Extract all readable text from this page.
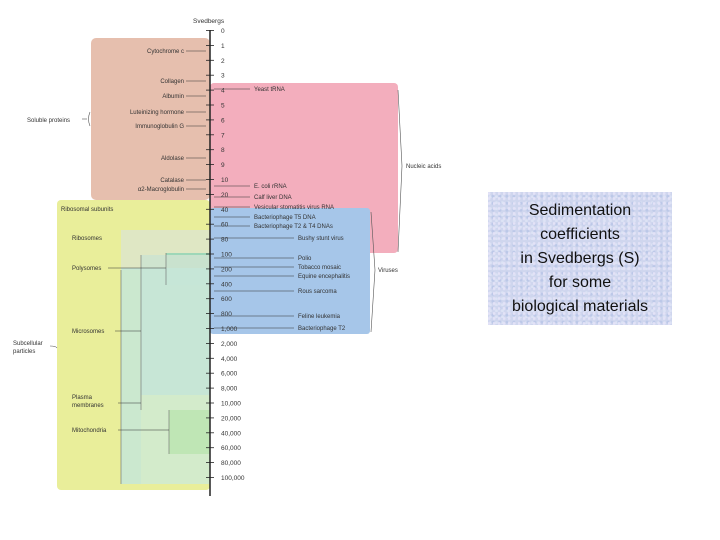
Svedbergs
0
1
2
3
4
5
6
7
8
9
10
20
40
60
80
100
200
400
600
800
1,000
2,000
4,000
6,000
8,000
10,000
20,000
40,000
60,000
80,000
100,000
Cytochrome c
Collagen
Albumin
Luteinizing hormone
Immunoglobulin G
Aldolase
Catalase
α2-Macroglobulin
Yeast tRNA
E. coli rRNA
Calf liver DNA
Vesicular stomatitis virus RNA
Bacteriophage T5 DNA
Bacteriophage T2 & T4 DNAs
Bushy stunt virus
Polio
Tobacco mosaic
Equine encephalitis
Rous sarcoma
Feline leukemia
Bacteriophage T2
Ribosomal subunits
Ribosomes
Polysomes
Microsomes
Plasma membranes
Mitochondria
Soluble proteins
Nucleic acids
Viruses
Subcellular particles
Sedimentation
coefficients
in Svedbergs (S)
for some
biological materials
